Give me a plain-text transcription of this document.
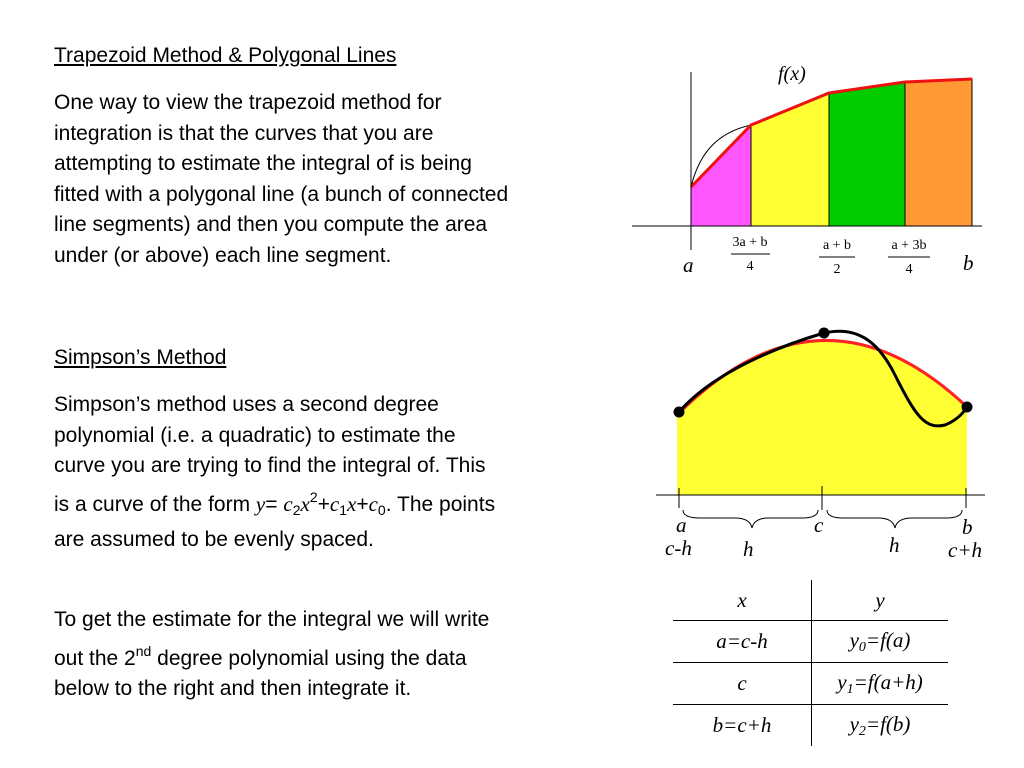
Trapezoid Method & Polygonal Lines
One way to view the trapezoid method for
integration is that the curves that you are
attempting to estimate the integral of is being
fitted with a polygonal line (a bunch of connected
line segments) and then you compute the area
under (or above) each line segment.
f(x)
a	b
3a + b
4
a + b
2
a + 3b
4
Simpson’s Method
Simpson’s method uses a second degree
polynomial (i.e. a quadratic) to estimate the
curve you are trying to find the integral of. This
is a curve of the form $y= c_2x^2+c_1x+c_0$. The points
are assumed to be evenly spaced.
a	c	b
c-h h	h c+h
To get the estimate for the integral we will write
out the 2nd degree polynomial using the data
below to the right and then integrate it.
x	y
a=c-h	$y_0=f(a)$
c	$y_1=f(a+h)$
b=c+h	$y_2=f(b)$
